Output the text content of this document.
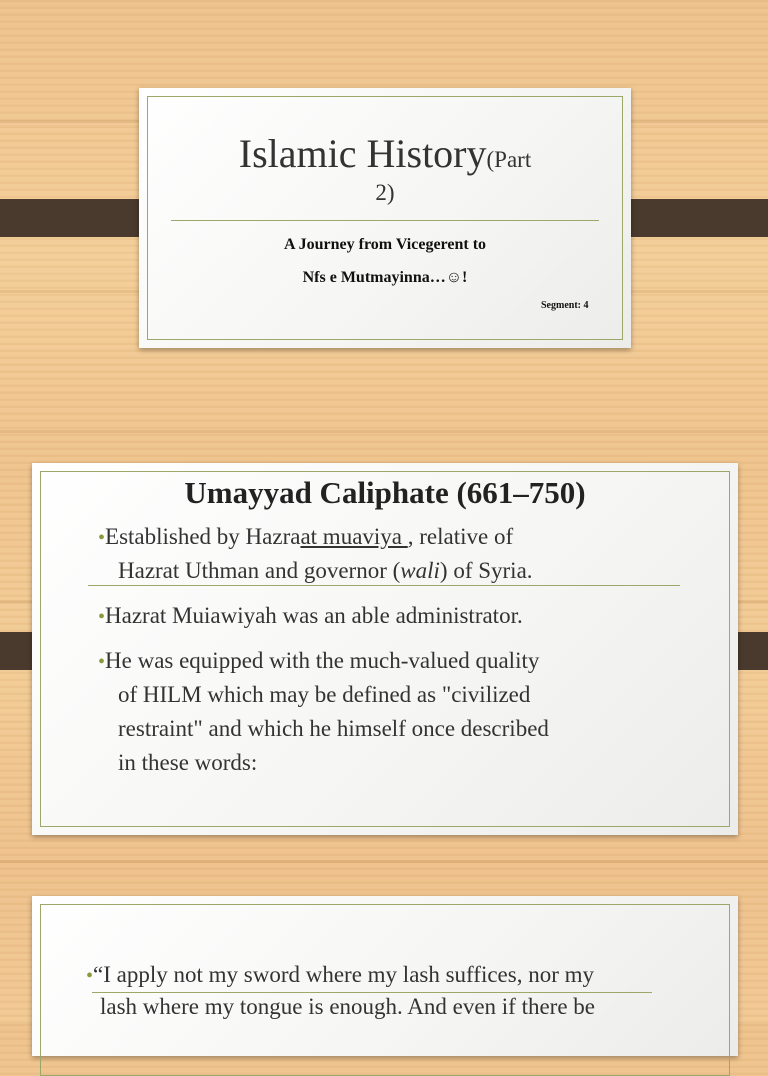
Islamic History(Part
2)
A Journey from Vicegerent to
Nfs e Mutmayinna…☺!
Segment: 4
Umayyad Caliphate (661–750)
•Established by Hazraat muaviya , relative of
Hazrat Uthman and governor (wali) of Syria.
•Hazrat Muiawiyah was an able administrator.
•He was equipped with the much-valued quality
of HILM which may be defined as "civilized
restraint" and which he himself once described
in these words:
•“I apply not my sword where my lash suffices, nor my
lash where my tongue is enough. And even if there be
